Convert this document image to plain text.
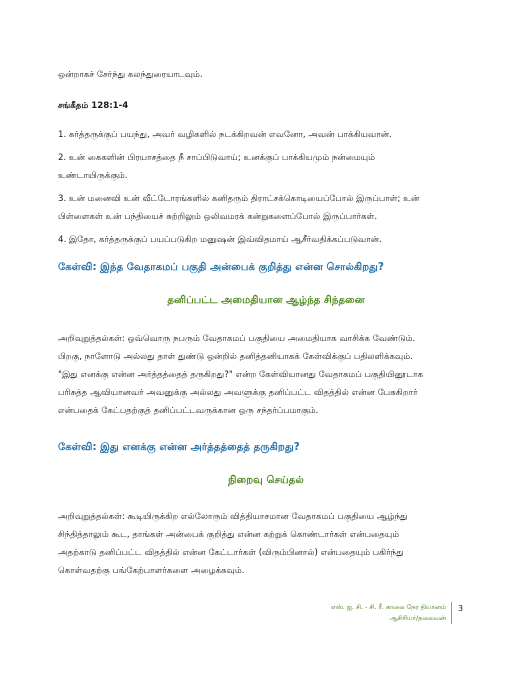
ஒன்றாகச் சேர்ந்து கலந்துரையாடவும்.
சங்கீதம் 128:1-4
1. கர்த்தருக்குப் பயந்து, அவர் வழிகளில் நடக்கிறவன் எவனோ, அவன் பாக்கியவான்.
2. உன் கைகளின் பிரயாசத்தை நீ சாப்பிடுவாய்; உனக்குப் பாக்கியமும் நன்மையும்
உண்டாயிருக்கும்.
3. உன் மனைவி உன் வீட்டோரங்களில் கனிதரும் திராட்சக்கொடியைப்போல் இருப்பாள்; உன்
பிள்ளைகள் உன் பந்தியைச் சுற்றிலும் ஒலிவமரக் கன்றுகளைப்போல் இருப்பார்கள்.
4. இதோ, கர்த்தருக்குப் பயப்படுகிற மனுஷன் இவ்விதமாய் ஆசீர்வதிக்கப்படுவான்.
கேள்வி: இந்த வேதாகமப் பகுதி அன்பைக் குறித்து என்ன சொல்கிறது?
தனிப்பட்ட அமைதியான ஆழ்ந்த சிந்தனை
அறிவுறுத்தல்கள்: ஒவ்வொரு நபரும் வேதாகமப் பகுதியை அமைதியாக வாசிக்க வேண்டும்.
பிறகு, நாளோடு அல்லது தாள் துண்டு ஒன்றில் தனித்தனியாகக் கேள்விக்குப் பதிலளிக்கவும்.
"இது எனக்கு என்ன அர்த்தத்தைத் தருகிறது?" என்ற கேள்வியானது வேதாகமப் பகுதியினூடாக
பரிசுத்த ஆவியானவர் அவனுக்கு அல்லது அவளுக்கு தனிப்பட்ட விதத்தில் என்ன பேசுகிறார்
என்பதைக் கேட்பதற்குத் தனிப்பட்டவருக்கான ஒரு சந்தர்ப்பமாகும்.
கேள்வி: இது எனக்கு என்ன அர்த்தத்தைத் தருகிறது?
நிறைவு செய்தல்
அறிவுறுத்தல்கள்: கூடியிருக்கிற எல்லோரும் வித்தியாசமான வேதாகமப் பகுதியை ஆழ்ந்து
சிந்தித்தாலும் கூட, தாங்கள் அன்பைக் குறித்து என்ன கற்றுக் கொண்டார்கள் என்பதையும்
அதற்காடு தனிப்பட்ட விதத்தில் என்ன கேட்டார்கள் (விரும்பினால்) என்பதையும் பகிர்ந்து
கொள்வதற்கு பங்கேற்பாளர்களை அழைக்கவும்.
எஸ். ஐ. சி. - சி. ரீ. காலை நேர தியானம்
ஆசிரியர்/தலைவன்
3
